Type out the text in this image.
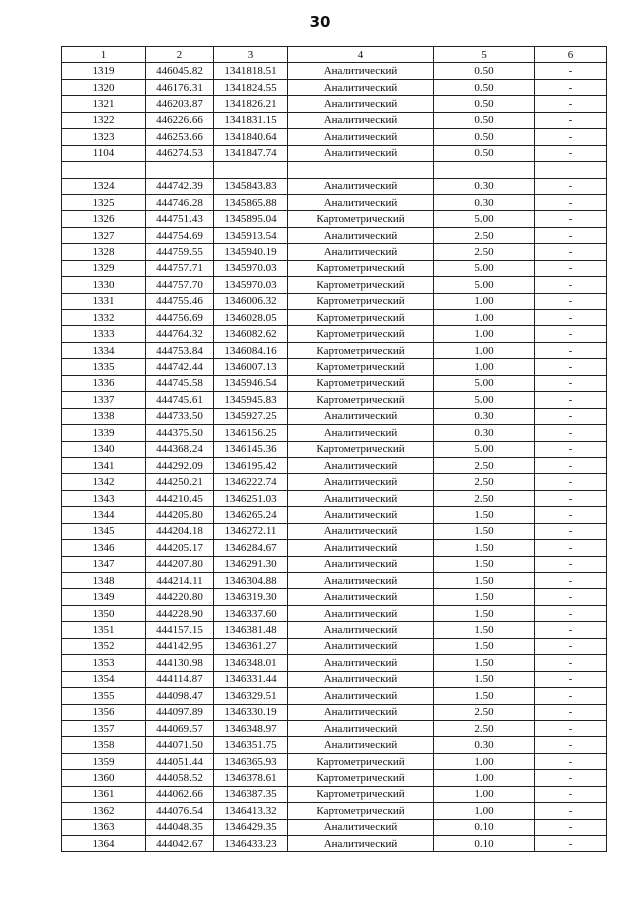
30
1	2	3	4	5	6
1319	446045.82	1341818.51	Аналитический	0.50	-
1320	446176.31	1341824.55	Аналитический	0.50	-
1321	446203.87	1341826.21	Аналитический	0.50	-
1322	446226.66	1341831.15	Аналитический	0.50	-
1323	446253.66	1341840.64	Аналитический	0.50	-
1104	446274.53	1341847.74	Аналитический	0.50	-

1324	444742.39	1345843.83	Аналитический	0.30	-
1325	444746.28	1345865.88	Аналитический	0.30	-
1326	444751.43	1345895.04	Картометрический	5.00	-
1327	444754.69	1345913.54	Аналитический	2.50	-
1328	444759.55	1345940.19	Аналитический	2.50	-
1329	444757.71	1345970.03	Картометрический	5.00	-
1330	444757.70	1345970.03	Картометрический	5.00	-
1331	444755.46	1346006.32	Картометрический	1.00	-
1332	444756.69	1346028.05	Картометрический	1.00	-
1333	444764.32	1346082.62	Картометрический	1.00	-
1334	444753.84	1346084.16	Картометрический	1.00	-
1335	444742.44	1346007.13	Картометрический	1.00	-
1336	444745.58	1345946.54	Картометрический	5.00	-
1337	444745.61	1345945.83	Картометрический	5.00	-
1338	444733.50	1345927.25	Аналитический	0.30	-
1339	444375.50	1346156.25	Аналитический	0.30	-
1340	444368.24	1346145.36	Картометрический	5.00	-
1341	444292.09	1346195.42	Аналитический	2.50	-
1342	444250.21	1346222.74	Аналитический	2.50	-
1343	444210.45	1346251.03	Аналитический	2.50	-
1344	444205.80	1346265.24	Аналитический	1.50	-
1345	444204.18	1346272.11	Аналитический	1.50	-
1346	444205.17	1346284.67	Аналитический	1.50	-
1347	444207.80	1346291.30	Аналитический	1.50	-
1348	444214.11	1346304.88	Аналитический	1.50	-
1349	444220.80	1346319.30	Аналитический	1.50	-
1350	444228.90	1346337.60	Аналитический	1.50	-
1351	444157.15	1346381.48	Аналитический	1.50	-
1352	444142.95	1346361.27	Аналитический	1.50	-
1353	444130.98	1346348.01	Аналитический	1.50	-
1354	444114.87	1346331.44	Аналитический	1.50	-
1355	444098.47	1346329.51	Аналитический	1.50	-
1356	444097.89	1346330.19	Аналитический	2.50	-
1357	444069.57	1346348.97	Аналитический	2.50	-
1358	444071.50	1346351.75	Аналитический	0.30	-
1359	444051.44	1346365.93	Картометрический	1.00	-
1360	444058.52	1346378.61	Картометрический	1.00	-
1361	444062.66	1346387.35	Картометрический	1.00	-
1362	444076.54	1346413.32	Картометрический	1.00	-
1363	444048.35	1346429.35	Аналитический	0.10	-
1364	444042.67	1346433.23	Аналитический	0.10	-
